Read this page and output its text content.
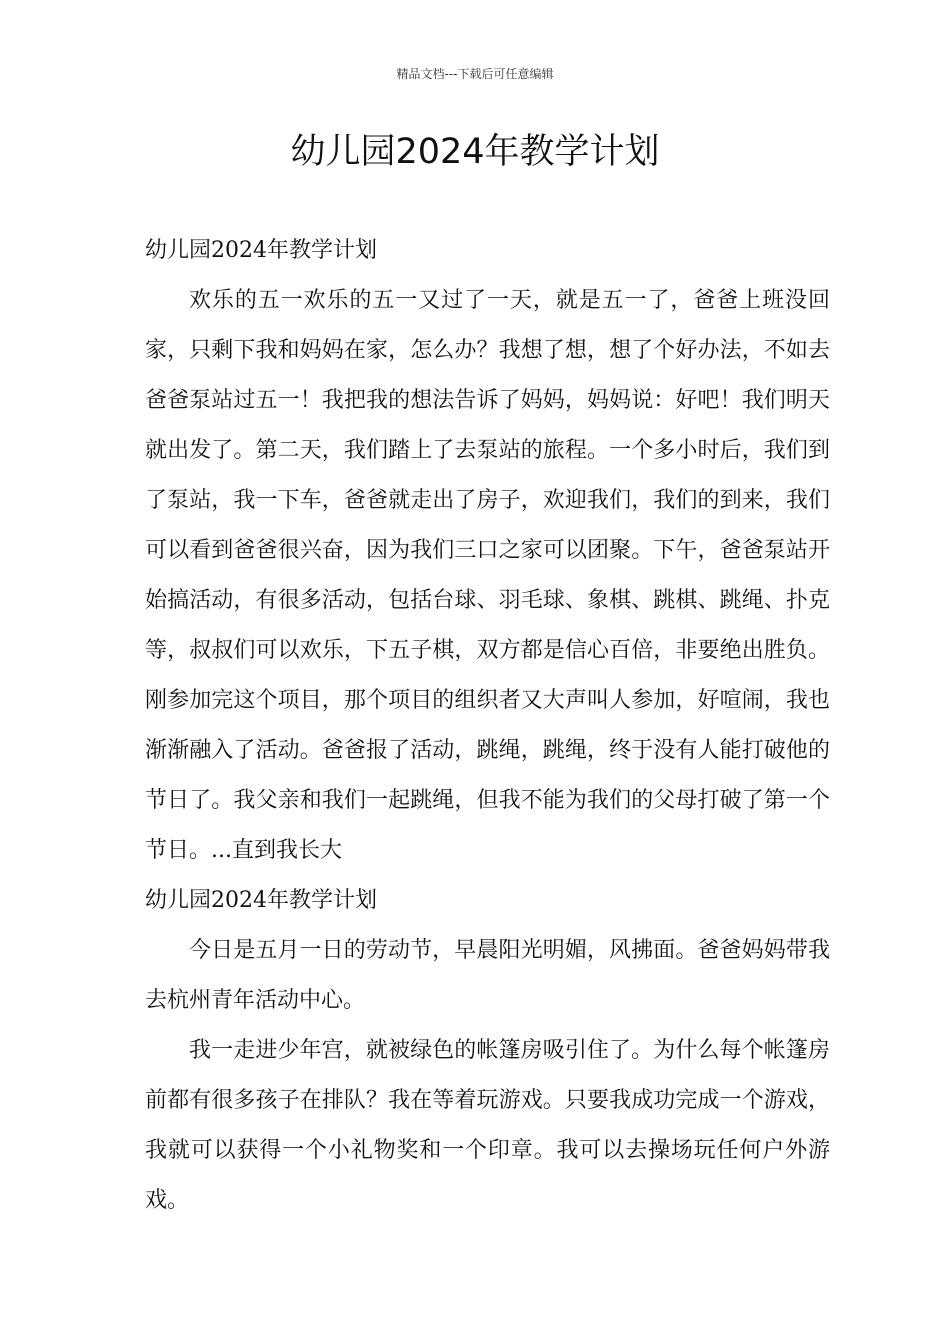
精品文档---下载后可任意编辑
幼儿园2024年教学计划

幼儿园2024年教学计划

欢乐的五一欢乐的五一又过了一天，就是五一了，爸爸上班没回家，只剩下我和妈妈在家，怎么办？我想了想，想了个好办法，不如去爸爸泵站过五一！我把我的想法告诉了妈妈，妈妈说：好吧！我们明天就出发了。第二天，我们踏上了去泵站的旅程。一个多小时后，我们到了泵站，我一下车，爸爸就走出了房子，欢迎我们，我们的到来，我们可以看到爸爸很兴奋，因为我们三口之家可以团聚。下午，爸爸泵站开始搞活动，有很多活动，包括台球、羽毛球、象棋、跳棋、跳绳、扑克等，叔叔们可以欢乐，下五子棋，双方都是信心百倍，非要绝出胜负。刚参加完这个项目，那个项目的组织者又大声叫人参加，好喧闹，我也渐渐融入了活动。爸爸报了活动，跳绳，跳绳，终于没有人能打破他的节日了。我父亲和我们一起跳绳，但我不能为我们的父母打破了第一个节日。...直到我长大

幼儿园2024年教学计划

今日是五月一日的劳动节，早晨阳光明媚，风拂面。爸爸妈妈带我去杭州青年活动中心。

我一走进少年宫，就被绿色的帐篷房吸引住了。为什么每个帐篷房前都有很多孩子在排队？我在等着玩游戏。只要我成功完成一个游戏，我就可以获得一个小礼物奖和一个印章。我可以去操场玩任何户外游戏。
